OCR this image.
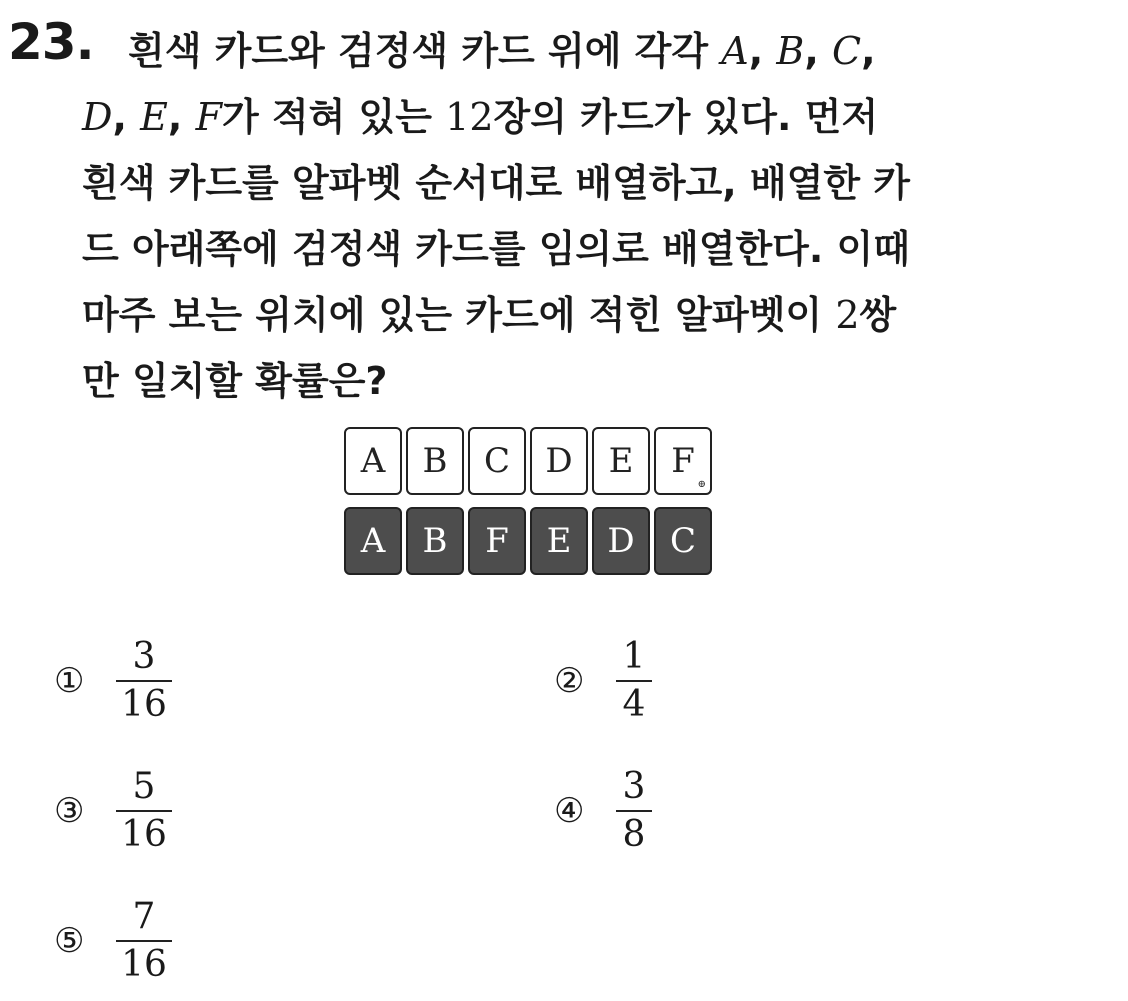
23. 흰색 카드와 검정색 카드 위에 각각 A, B, C,
D, E, F가 적혀 있는 12장의 카드가 있다. 먼저
흰색 카드를 알파벳 순서대로 배열하고, 배열한 카
드 아래쪽에 검정색 카드를 임의로 배열한다. 이때
마주 보는 위치에 있는 카드에 적힌 알파벳이 2쌍
만 일치할 확률은?
A B C D E F
⊕
A B F E D C
① $\frac{3}{16}$	② $\frac{1}{4}$
③ $\frac{5}{16}$	④ $\frac{3}{8}$
⑤ $\frac{7}{16}$
